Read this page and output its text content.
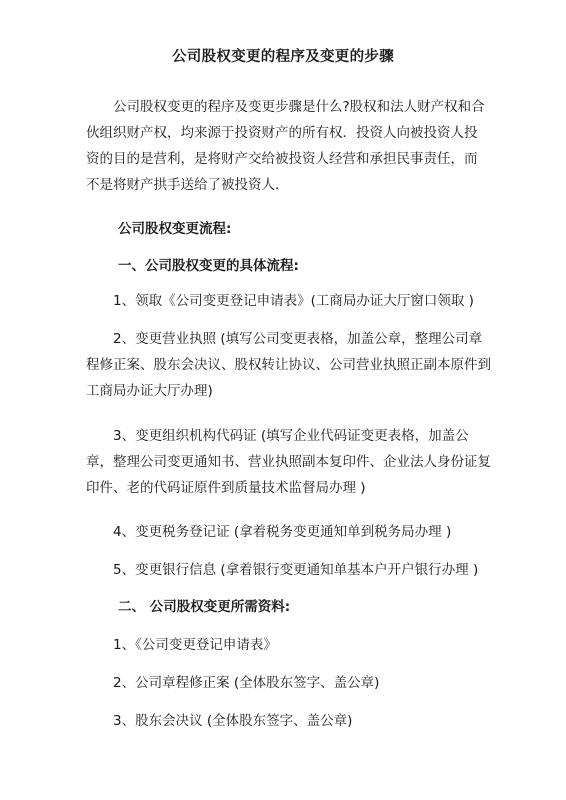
公司股权变更的程序及变更的步骤

公司股权变更的程序及变更步骤是什么?股权和法人财产权和合伙组织财产权，均来源于投资财产的所有权．投资人向被投资人投资的目的是营利，是将财产交给被投资人经营和承担民事责任，而不是将财产拱手送给了被投资人．

公司股权变更流程:
一、公司股权变更的具体流程:

1、领取《公司变更登记申请表》(工商局办证大厅窗口领取 )

2、变更营业执照 (填写公司变更表格，加盖公章，整理公司章程修正案、股东会决议、股权转让协议、公司营业执照正副本原件到工商局办证大厅办理)

3、变更组织机构代码证 (填写企业代码证变更表格，加盖公章，整理公司变更通知书、营业执照副本复印件、企业法人身份证复印件、老的代码证原件到质量技术监督局办理 )

4、变更税务登记证 (拿着税务变更通知单到税务局办理 )

5、变更银行信息 (拿着银行变更通知单基本户开户银行办理 )

二、 公司股权变更所需资料:

1、《公司变更登记申请表》

2、公司章程修正案 (全体股东签字、盖公章)

3、股东会决议 (全体股东签字、盖公章)
